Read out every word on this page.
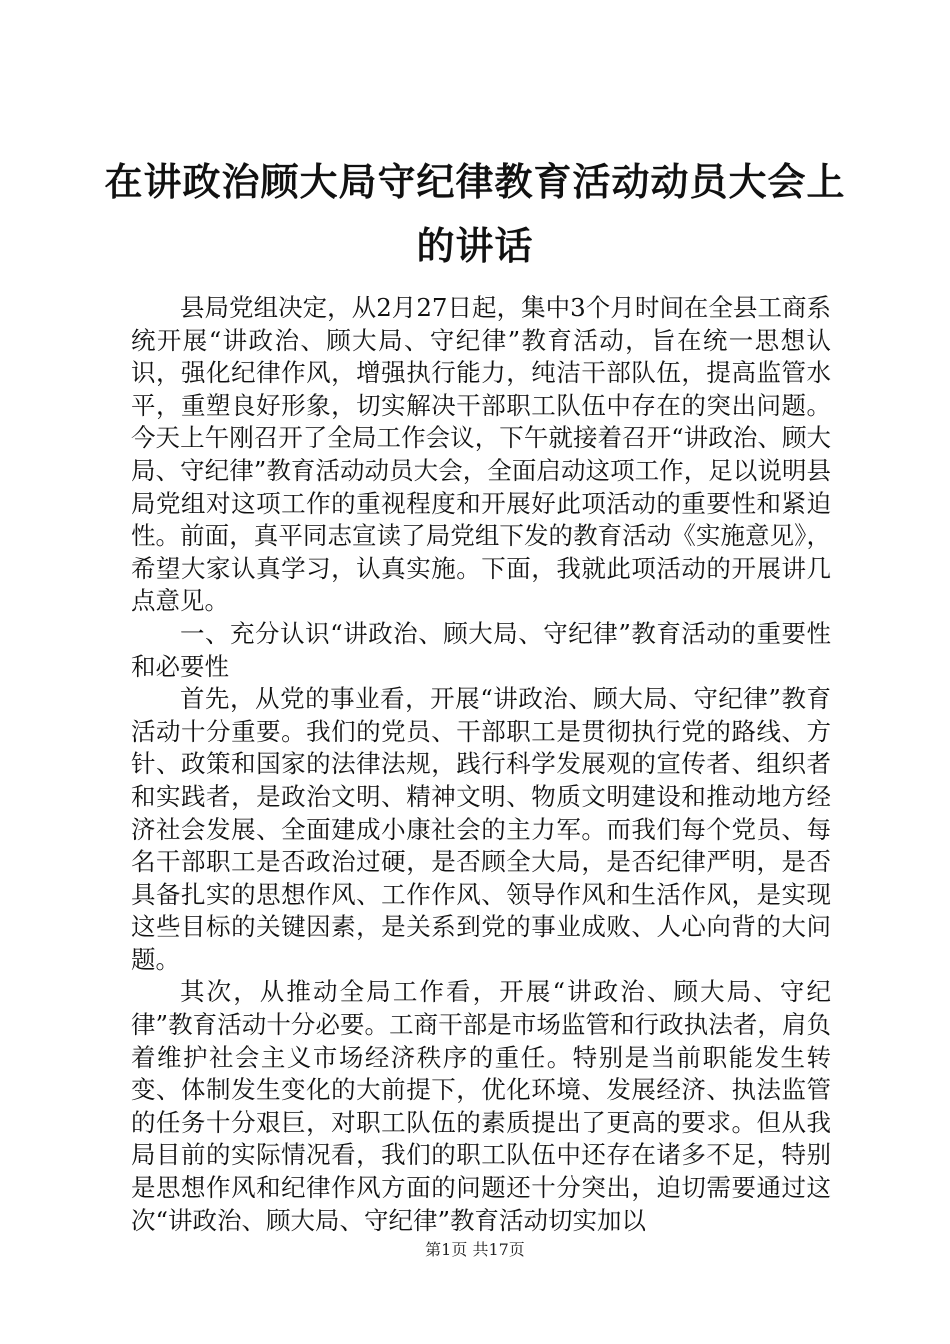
在讲政治顾大局守纪律教育活动动员大会上的讲话

县局党组决定，从2月27日起，集中3个月时间在全县工商系统开展“讲政治、顾大局、守纪律”教育活动，旨在统一思想认识，强化纪律作风，增强执行能力，纯洁干部队伍，提高监管水平，重塑良好形象，切实解决干部职工队伍中存在的突出问题。今天上午刚召开了全局工作会议，下午就接着召开“讲政治、顾大局、守纪律”教育活动动员大会，全面启动这项工作，足以说明县局党组对这项工作的重视程度和开展好此项活动的重要性和紧迫性。前面，真平同志宣读了局党组下发的教育活动《实施意见》，希望大家认真学习，认真实施。下面，我就此项活动的开展讲几点意见。

一、充分认识“讲政治、顾大局、守纪律”教育活动的重要性和必要性

首先，从党的事业看，开展“讲政治、顾大局、守纪律”教育活动十分重要。我们的党员、干部职工是贯彻执行党的路线、方针、政策和国家的法律法规，践行科学发展观的宣传者、组织者和实践者，是政治文明、精神文明、物质文明建设和推动地方经济社会发展、全面建成小康社会的主力军。而我们每个党员、每名干部职工是否政治过硬，是否顾全大局，是否纪律严明，是否具备扎实的思想作风、工作作风、领导作风和生活作风，是实现这些目标的关键因素，是关系到党的事业成败、人心向背的大问题。

其次，从推动全局工作看，开展“讲政治、顾大局、守纪律”教育活动十分必要。工商干部是市场监管和行政执法者，肩负着维护社会主义市场经济秩序的重任。特别是当前职能发生转变、体制发生变化的大前提下，优化环境、发展经济、执法监管的任务十分艰巨，对职工队伍的素质提出了更高的要求。但从我局目前的实际情况看，我们的职工队伍中还存在诸多不足，特别是思想作风和纪律作风方面的问题还十分突出，迫切需要通过这次“讲政治、顾大局、守纪律”教育活动切实加以

第1页 共17页
